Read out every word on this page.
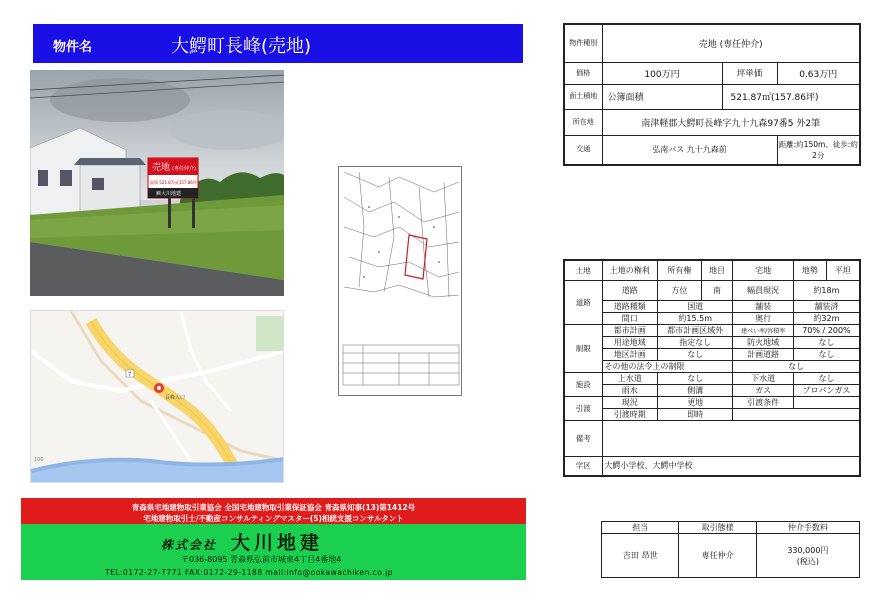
物件名	大鰐町長峰(売地)
売地 (専任仲介)
面積 521.87㎡(157.86坪)
㈱大川地建
長峰入口
7
100
物件種別	売地 (専任仲介)		
価格	100万円	坪単価	0.63万円
面土積地	公簿面積	521.87㎡(157.86坪)	
所在地	南津軽郡大鰐町長峰字九十九森97番5 外2筆		
交通	弘南バス 九十九森前		距離:約150m、徒歩:約2分
土地	土地の権利	所有権	地目	宅地	地勢	平坦
道路	道路	方位	南	幅員現況	約18m	
	道路種類	国道		舗装	舗装済	
	間口	約15.5m		奥行	約32m	
制限	都市計画	都市計画区域外		建ぺい率/容積率	70% / 200%	
	用途地域	指定なし		防火地域	なし	
	地区計画	なし		計画道路	なし	
	その他の法令上の制限			なし		
施設	上水道	なし		下水道	なし	
	雨水	側溝		ガス	プロパンガス	
引渡	現況	更地		引渡条件		
	引渡時期	即時				
備考						
学区	大鰐小学校、大鰐中学校					
担当	取引態様	仲介手数料
吉田 昂世	専任仲介	330,000円
(税込)
青森県宅地建物取引業協会 全国宅地建物取引業保証協会 青森県知事(13)第1412号
宅地建物取引士/不動産コンサルティングマスター(5)相続支援コンサルタント
株式会社 大川地建
〒036-8095 青森県弘前市城東4丁目4番地4
TEL:0172-27-7771 FAX:0172-29-1188 mail:info@ookawachiken.co.jp
